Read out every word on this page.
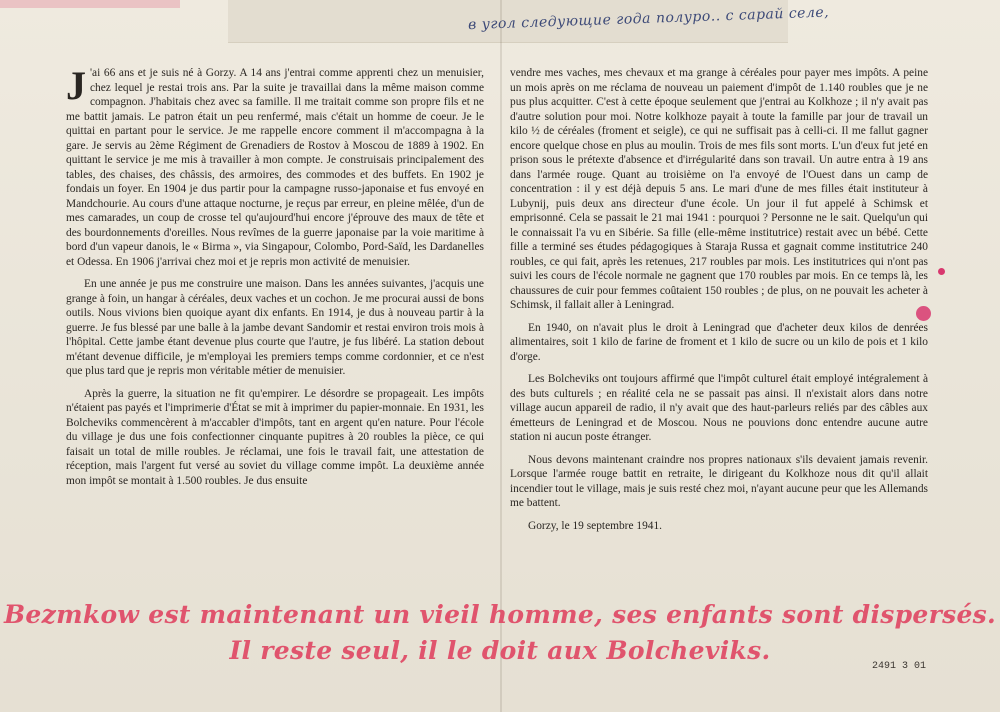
в угол следующие года полуро.. с сарай селе,

J 'ai 66 ans et je suis né à Gorzy. A 14 ans j'entrai comme apprenti chez un menuisier, chez lequel je restai trois ans. Par la suite je travaillai dans la même maison comme compagnon. J'habitais chez avec sa famille. Il me traitait comme son propre fils et ne me battit jamais. Le patron était un peu renfermé, mais c'était un homme de coeur. Je le quittai en partant pour le service. Je me rappelle encore comment il m'accompagna à la gare. Je servis au 2ème Régiment de Grenadiers de Rostov à Moscou de 1889 à 1902. En quittant le service je me mis à travailler à mon compte. Je construisais principalement des tables, des chaises, des châssis, des armoires, des commodes et des buffets. En 1902 je fondais un foyer. En 1904 je dus partir pour la campagne russo-japonaise et fus envoyé en Mandchourie. Au cours d'une attaque nocturne, je reçus par erreur, en pleine mêlée, d'un de mes camarades, un coup de crosse tel qu'aujourd'hui encore j'éprouve des maux de tête et des bourdonnements d'oreilles. Nous revîmes de la guerre japonaise par la voie maritime à bord d'un vapeur danois, le « Birma », via Singapour, Colombo, Pord-Saïd, les Dardanelles et Odessa. En 1906 j'arrivai chez moi et je repris mon activité de menuisier.

En une année je pus me construire une maison. Dans les années suivantes, j'acquis une grange à foin, un hangar à céréales, deux vaches et un cochon. Je me procurai aussi de bons outils. Nous vivions bien quoique ayant dix enfants. En 1914, je dus à nouveau partir à la guerre. Je fus blessé par une balle à la jambe devant Sandomir et restai environ trois mois à l'hôpital. Cette jambe étant devenue plus courte que l'autre, je fus libéré. La station debout m'étant devenue difficile, je m'employai les premiers temps comme cordonnier, et ce n'est que plus tard que je repris mon véritable métier de menuisier.

Après la guerre, la situation ne fit qu'empirer. Le désordre se propageait. Les impôts n'étaient pas payés et l'imprimerie d'État se mit à imprimer du papier-monnaie. En 1931, les Bolcheviks commencèrent à m'accabler d'impôts, tant en argent qu'en nature. Pour l'école du village je dus une fois confectionner cinquante pupitres à 20 roubles la pièce, ce qui faisait un total de mille roubles. Je réclamai, une fois le travail fait, une attestation de réception, mais l'argent fut versé au soviet du village comme impôt. La deuxième année mon impôt se montait à 1.500 roubles. Je dus ensuite

vendre mes vaches, mes chevaux et ma grange à céréales pour payer mes impôts. A peine un mois après on me réclama de nouveau un paiement d'impôt de 1.140 roubles que je ne pus plus acquitter. C'est à cette époque seulement que j'entrai au Kolkhoze ; il n'y avait pas d'autre solution pour moi. Notre kolkhoze payait à toute la famille par jour de travail un kilo ½ de céréales (froment et seigle), ce qui ne suffisait pas à celli-ci. Il me fallut gagner encore quelque chose en plus au moulin. Trois de mes fils sont morts. L'un d'eux fut jeté en prison sous le prétexte d'absence et d'irrégularité dans son travail. Un autre entra à 19 ans dans l'armée rouge. Quant au troisième on l'a envoyé de l'Ouest dans un camp de concentration : il y est déjà depuis 5 ans. Le mari d'une de mes filles était instituteur à Lubynij, puis deux ans directeur d'une école. Un jour il fut appelé à Schimsk et emprisonné. Cela se passait le 21 mai 1941 : pourquoi ? Personne ne le sait. Quelqu'un qui le connaissait l'a vu en Sibérie. Sa fille (elle-même institutrice) restait avec un bébé. Cette fille a terminé ses études pédagogiques à Staraja Russa et gagnait comme institutrice 240 roubles, ce qui fait, après les retenues, 217 roubles par mois. Les institutrices qui n'ont pas suivi les cours de l'école normale ne gagnent que 170 roubles par mois. En ce temps là, les chaussures de cuir pour femmes coûtaient 150 roubles ; de plus, on ne pouvait les acheter à Schimsk, il fallait aller à Leningrad.

En 1940, on n'avait plus le droit à Leningrad que d'acheter deux kilos de denrées alimentaires, soit 1 kilo de farine de froment et 1 kilo de sucre ou un kilo de pois et 1 kilo d'orge.

Les Bolcheviks ont toujours affirmé que l'impôt culturel était employé intégralement à des buts culturels ; en réalité cela ne se passait pas ainsi. Il n'existait alors dans notre village aucun appareil de radio, il n'y avait que des haut-parleurs reliés par des câbles aux émetteurs de Leningrad et de Moscou. Nous ne pouvions donc entendre aucune autre station ni aucun poste étranger.

Nous devons maintenant craindre nos propres nationaux s'ils devaient jamais revenir. Lorsque l'armée rouge battit en retraite, le dirigeant du Kolkhoze nous dit qu'il allait incendier tout le village, mais je suis resté chez moi, n'ayant aucune peur que les Allemands me battent.

Gorzy, le 19 septembre 1941.

Bezmkow est maintenant un vieil homme, ses enfants sont dispersés.
Il reste seul, il le doit aux Bolcheviks.
2491 3 01
